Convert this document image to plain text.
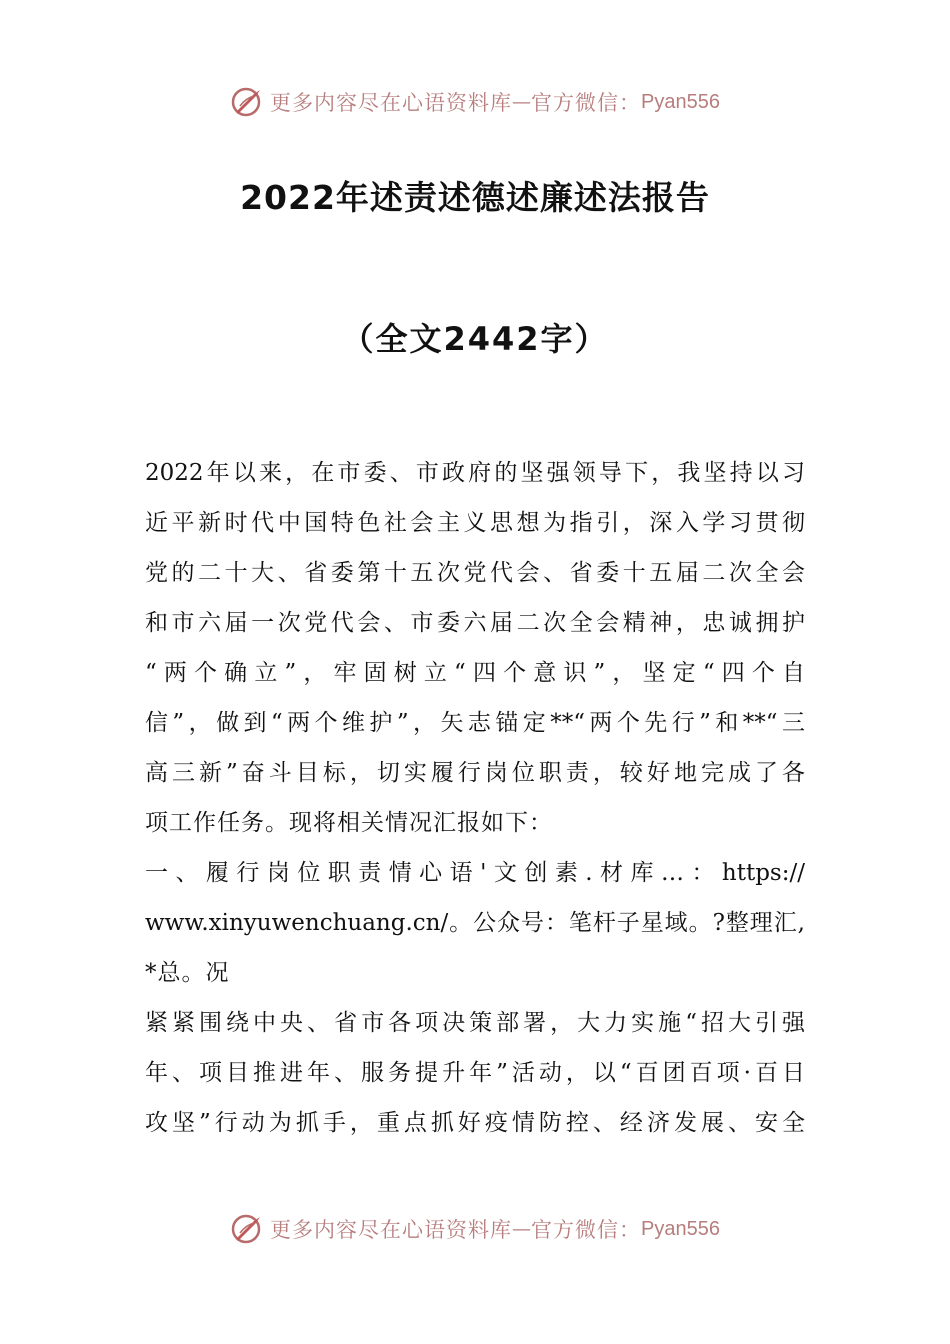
更多内容尽在心语资料库 — 官方微信： Pyan556
2022年述责述德述廉述法报告
（全文2442字）
2022年以来，在市委、市政府的坚强领导下，我坚持以习
近平新时代中国特色社会主义思想为指引，深入学习贯彻
党的二十大、省委第十五次党代会、省委十五届二次全会
和市六届一次党代会、市委六届二次全会精神，忠诚拥护
“两个确立”，牢固树立“四个意识”，坚定“四个自
信”，做到“两个维护”，矢志锚定**“两个先行”和**“三
高三新”奋斗目标，切实履行岗位职责，较好地完成了各
项工作任务。现将相关情况汇报如下：
一、履行岗位职责情心语'文创素.材库…：https://
www.xinyuwenchuang.cn/。公众号：笔杆子星域。?整理汇,
*总。况
紧紧围绕中央、省市各项决策部署，大力实施“招大引强
年、项目推进年、服务提升年”活动，以“百团百项·百日
攻坚”行动为抓手，重点抓好疫情防控、经济发展、安全
更多内容尽在心语资料库 — 官方微信： Pyan556
